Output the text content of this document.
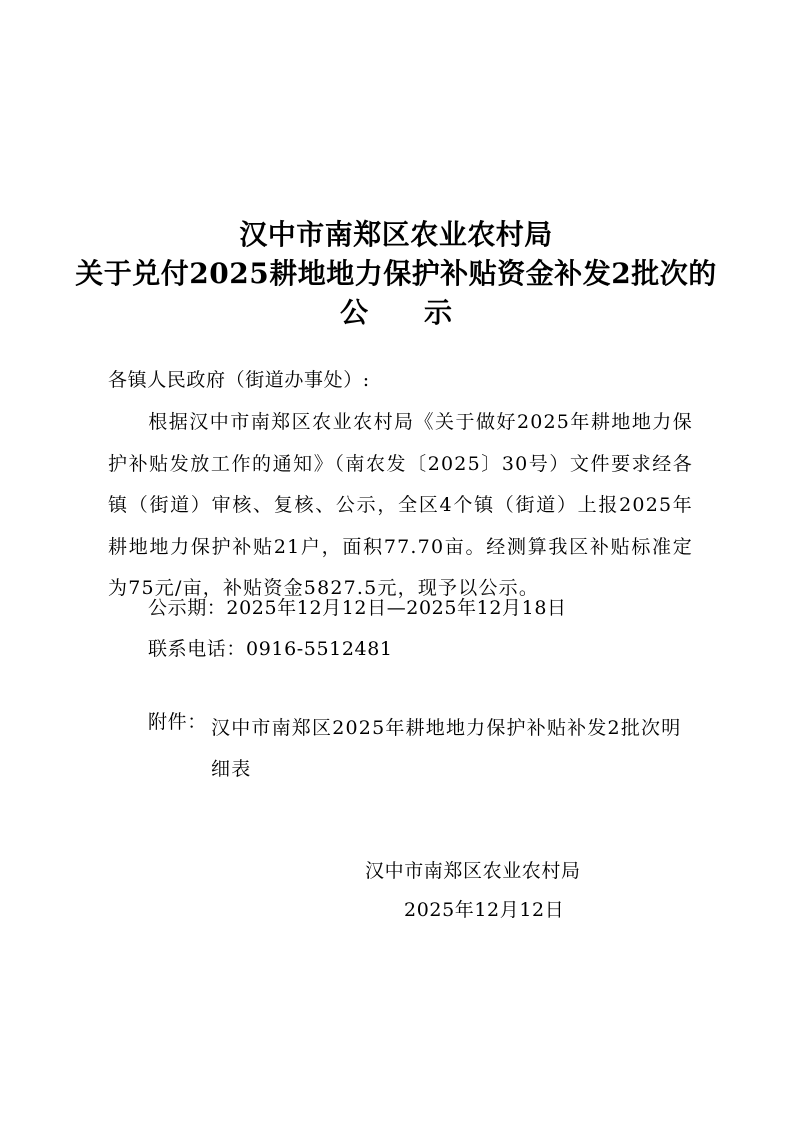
汉中市南郑区农业农村局
关于兑付2025耕地地力保护补贴资金补发2批次的
公 示
各镇人民政府（街道办事处）:
根据汉中市南郑区农业农村局《关于做好2025年耕地地力保护补贴发放工作的通知》（南农发〔2025〕30号）文件要求经各镇（街道）审核、复核、公示，全区4个镇（街道）上报2025年耕地地力保护补贴21户，面积77.70亩。经测算我区补贴标准定为75元/亩，补贴资金5827.5元，现予以公示。
公示期：2025年12月12日—2025年12月18日
联系电话：0916-5512481
附件： 汉中市南郑区2025年耕地地力保护补贴补发2批次明细表
汉中市南郑区农业农村局
2025年12月12日
